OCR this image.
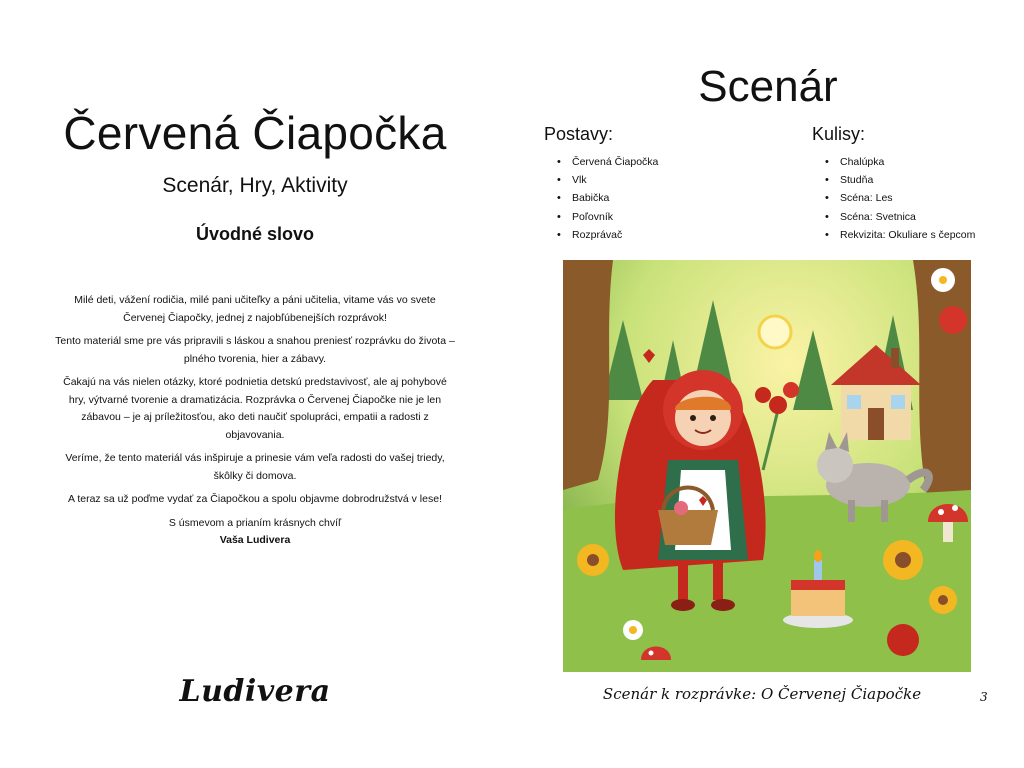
Červená Čiapočka
Scenár, Hry, Aktivity
Úvodné slovo

Milé deti, vážení rodičia, milé pani učiteľky a páni učitelia, vitame vás vo svete Červenej Čiapočky, jednej z najobľúbenejších rozprávok!

Tento materiál sme pre vás pripravili s láskou a snahou preniesť rozprávku do života – plného tvorenia, hier a zábavy.

Čakajú na vás nielen otázky, ktoré podnietia detskú predstavivosť, ale aj pohybové hry, výtvarné tvorenie a dramatizácia. Rozprávka o Červenej Čiapočke nie je len zábavou – je aj príležitosťou, ako deti naučiť spolupráci, empatii a radosti z objavovania.

Veríme, že tento materiál vás inšpiruje a prinesie vám veľa radosti do vašej triedy, škôlky či domova.

A teraz sa už poďme vydať za Čiapočkou a spolu objavme dobrodružstvá v lese!

S úsmevom a prianím krásnych chvíľ
Vaša Ludivera

Ludivera
Scenár
Postavy:
• Červená Čiapočka
• Vlk
• Babička
• Poľovník
• Rozprávač
Kulisy:
• Chalúpka
• Studňa
• Scéna: Les
• Scéna: Svetnica
• Rekvizita: Okuliare s čepcom
Scenár k rozprávke: O Červenej Čiapočke	3
